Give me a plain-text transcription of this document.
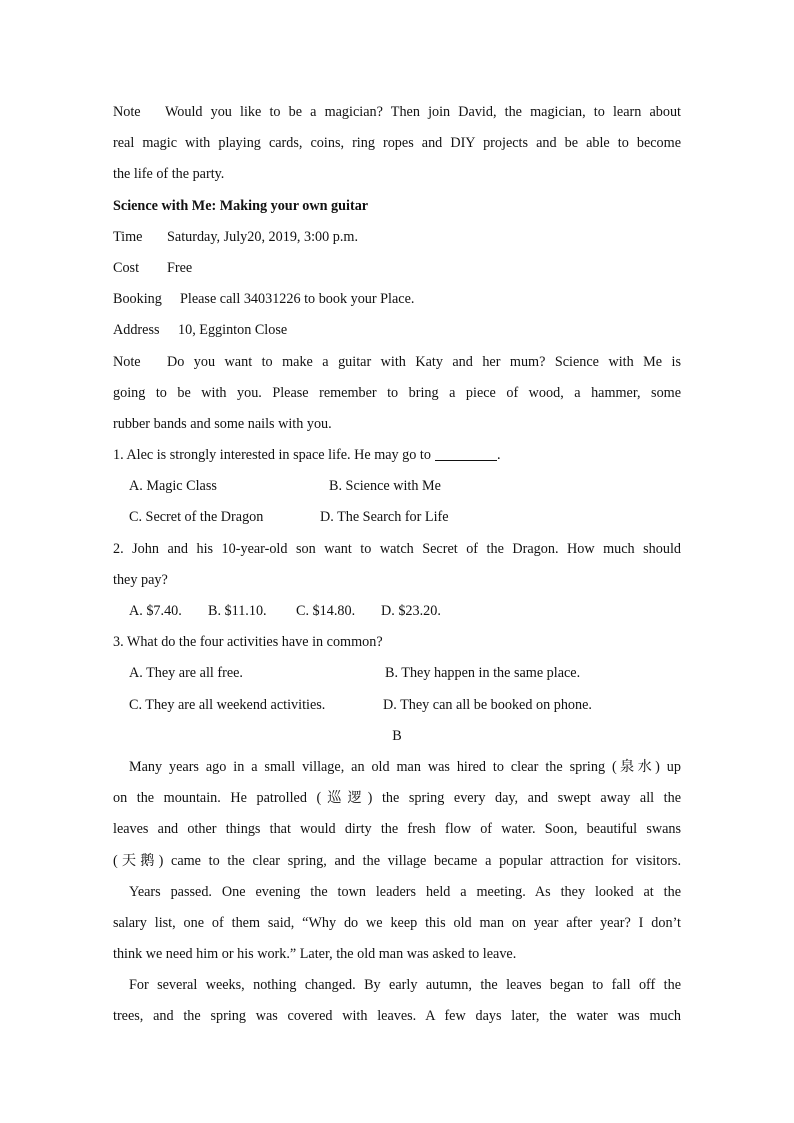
Note Would you like to be a magician? Then join David, the magician, to learn about
real magic with playing cards, coins, ring ropes and DIY projects and be able to become
the life of the party.
Science with Me: Making your own guitar
Time Saturday, July20, 2019, 3:00 p.m.
Cost Free
Booking Please call 34031226 to book your Place.
Address 10, Egginton Close
Note Do you want to make a guitar with Katy and her mum? Science with Me is
going to be with you. Please remember to bring a piece of wood, a hammer, some
rubber bands and some nails with you.
1. Alec is strongly interested in space life. He may go to	.
A. Magic Class	B. Science with Me
C. Secret of the Dragon	D. The Search for Life
2. John and his 10-year-old son want to watch Secret of the Dragon. How much should
they pay?
A. $7.40. B. $11.10. C. $14.80. D. $23.20.
3. What do the four activities have in common?
A. They are all free.	B. They happen in the same place.
C. They are all weekend activities.	D. They can all be booked on phone.
B
Many years ago in a small village, an old man was hired to clear the spring (泉水) up
on the mountain. He patrolled (巡逻) the spring every day, and swept away all the
leaves and other things that would dirty the fresh flow of water. Soon, beautiful swans
(天鹅) came to the clear spring, and the village became a popular attraction for visitors.
Years passed. One evening the town leaders held a meeting. As they looked at the
salary list, one of them said, “Why do we keep this old man on year after year? I don’t
think we need him or his work.” Later, the old man was asked to leave.
For several weeks, nothing changed. By early autumn, the leaves began to fall off the
trees, and the spring was covered with leaves. A few days later, the water was much
